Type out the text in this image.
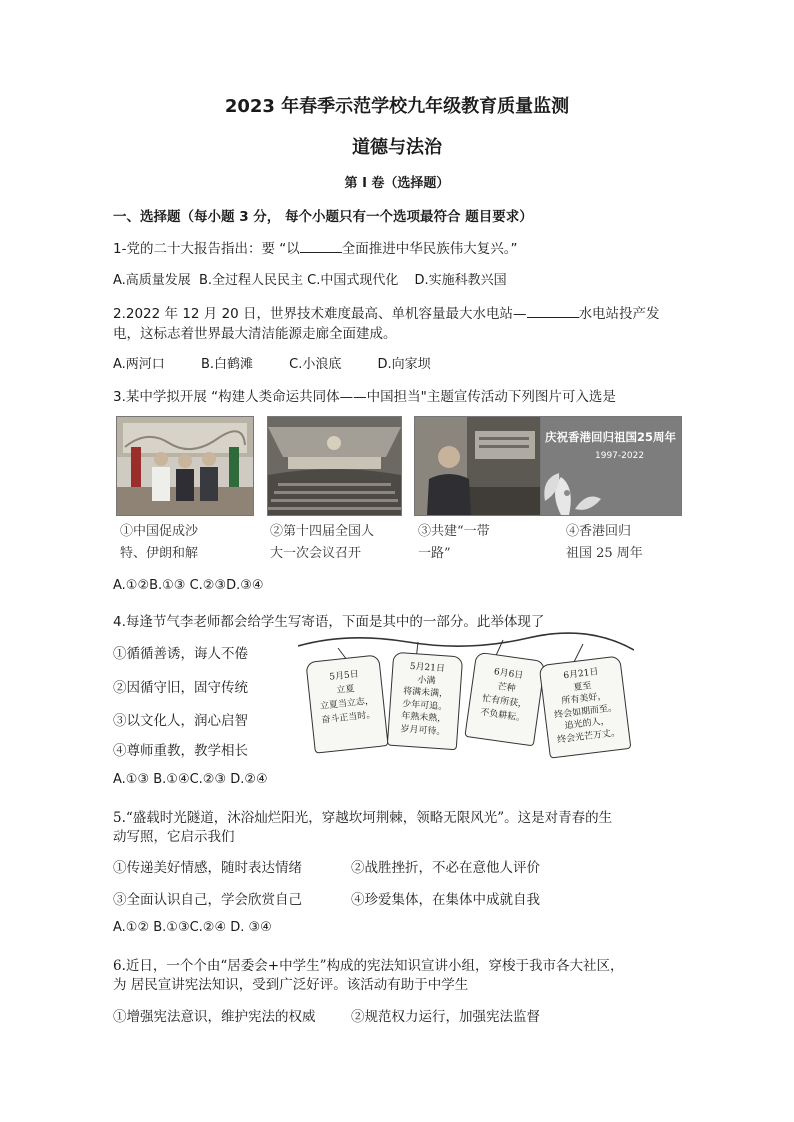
2023 年春季示范学校九年级教育质量监测
道德与法治
第 I 卷（选择题）
一、选择题（每小题 3 分， 每个小题只有一个选项最符合 题目要求）
1-党的二十大报告指出：要 “以	全面推进中华民族伟大复兴。”
A.高质量发展 B.全过程人民民主 C.中国式现代化 D.实施科教兴国
2.2022 年 12 月 20 日，世界技术难度最高、单机容量最大水电站—	水电站投产发
电，这标志着世界最大清洁能源走廊全面建成。
A.两河口	B.白鹤滩	C.小浪底	D.向家坝
3.某中学拟开展 “构建人类命运共同体——中国担当"主题宣传活动下列图片可入选是
庆祝香港回归祖国25周年
1997-2022
①中国促成沙
特、伊朗和解
②第十四届全国人
大一次会议召开
③共建“一带
一路”
④香港回归
祖国 25 周年
A.①②B.①③ C.②③D.③④
4.每逢节气李老师都会给学生写寄语，下面是其中的一部分。此举体现了
①循循善诱，诲人不倦
②因循守旧，固守传统
③以文化人，润心启智
④尊师重教，教学相长
5月5日
立夏
立夏当立志，
奋斗正当时。
5月21日
小满
将满未满，
少年可追。
年熟未熟，
岁月可待。
6月6日
芒种
忙有所获，
不负耕耘。
6月21日
夏至
所有美好，
终会如期而至。
追光的人，
终会光芒万丈。
A.①③ B.①④C.②③ D.②④
5.“盛载时光隧道，沐浴灿烂阳光，穿越坎坷荆棘，领略无限风光”。这是对青春的生
动写照，它启示我们
①传递美好情感，随时表达情绪	②战胜挫折，不必在意他人评价
③全面认识自己，学会欣赏自己	④珍爱集体，在集体中成就自我
A.①② B.①③C.②④ D. ③④
6.近日，一个个由“居委会+中学生”构成的宪法知识宣讲小组，穿梭于我市各大社区，
为 居民宣讲宪法知识，受到广泛好评。该活动有助于中学生
①增强宪法意识，维护宪法的权威	②规范权力运行，加强宪法监督
